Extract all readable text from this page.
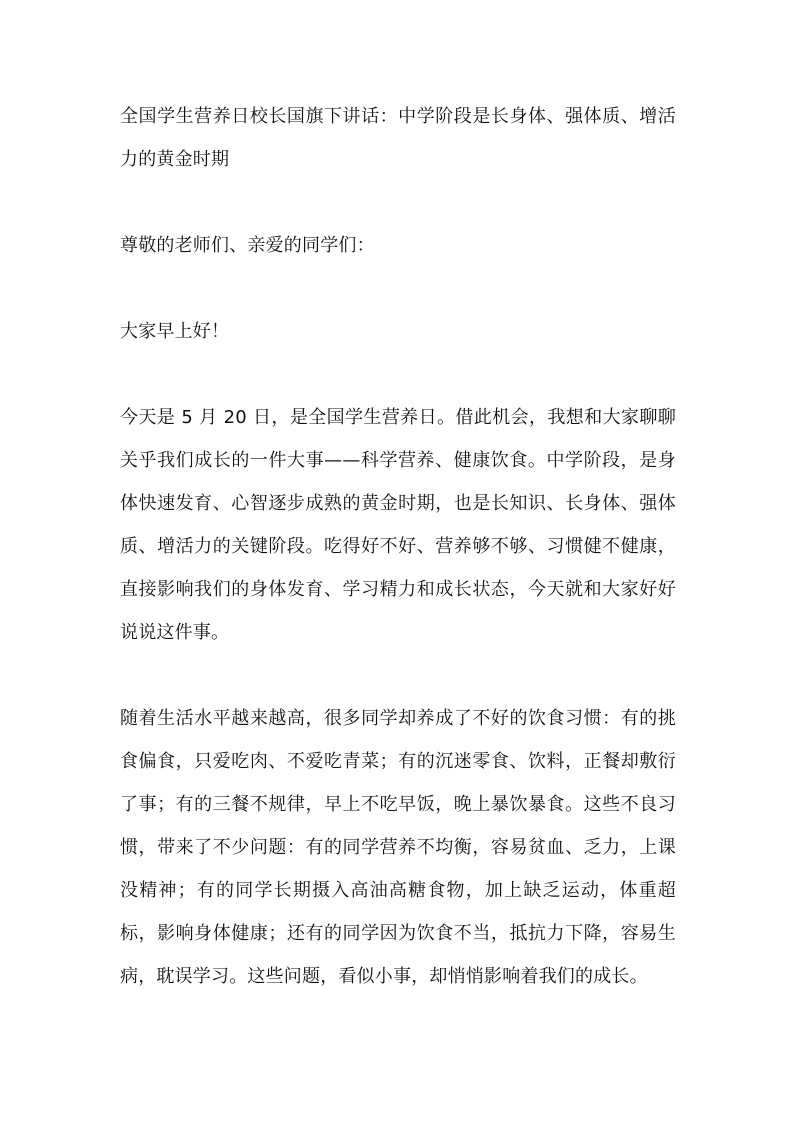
全国学生营养日校长国旗下讲话：中学阶段是长身体、强体质、增活力的黄金时期

尊敬的老师们、亲爱的同学们：

大家早上好！

今天是 5 月 20 日，是全国学生营养日。借此机会，我想和大家聊聊关乎我们成长的一件大事——科学营养、健康饮食。中学阶段，是身体快速发育、心智逐步成熟的黄金时期，也是长知识、长身体、强体质、增活力的关键阶段。吃得好不好、营养够不够、习惯健不健康，直接影响我们的身体发育、学习精力和成长状态，今天就和大家好好说说这件事。

随着生活水平越来越高，很多同学却养成了不好的饮食习惯：有的挑食偏食，只爱吃肉、不爱吃青菜；有的沉迷零食、饮料，正餐却敷衍了事；有的三餐不规律，早上不吃早饭，晚上暴饮暴食。这些不良习惯，带来了不少问题：有的同学营养不均衡，容易贫血、乏力，上课没精神；有的同学长期摄入高油高糖食物，加上缺乏运动，体重超标，影响身体健康；还有的同学因为饮食不当，抵抗力下降，容易生病，耽误学习。这些问题，看似小事，却悄悄影响着我们的成长。
